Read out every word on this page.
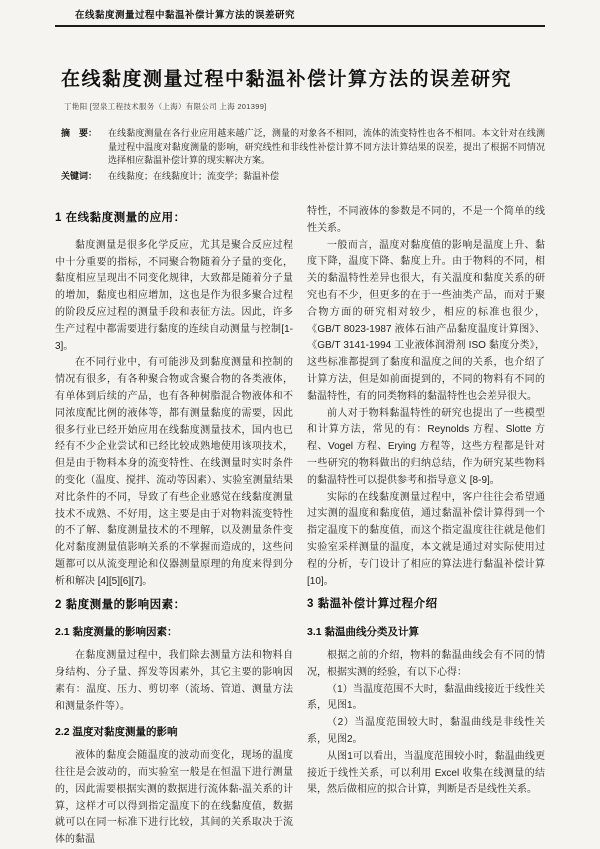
在线黏度测量过程中黏温补偿计算方法的误差研究
在线黏度测量过程中黏温补偿计算方法的误差研究
丁艳阳 [翌泉工程技术服务（上海）有限公司 上海 201399]
摘　要：	在线黏度测量在各行业应用越来越广泛，测量的对象各不相同，流体的流变特性也各不相同。本文针对在线测量过程中温度对黏度测量的影响，研究线性和非线性补偿计算不同方法计算结果的误差，提出了根据不同情况选择相应黏温补偿计算的现实解决方案。
关键词：	在线黏度；在线黏度计；流变学；黏温补偿
1 在线黏度测量的应用：

黏度测量是很多化学反应，尤其是聚合反应过程中十分重要的指标，不同聚合物随着分子量的变化，黏度相应呈现出不同变化规律，大致都是随着分子量的增加，黏度也相应增加，这也是作为很多聚合过程的阶段反应过程的测量手段和表征方法。因此，许多生产过程中都需要进行黏度的连续自动测量与控制[1-3]。

在不同行业中，有可能涉及到黏度测量和控制的情况有很多，有各种聚合物或含聚合物的各类液体，有单体到后续的产品，也有各种树脂混合物液体和不同浓度配比例的液体等，都有测量黏度的需要，因此很多行业已经开始应用在线黏度测量技术，国内也已经有不少企业尝试和已经比较成熟地使用该项技术，但是由于物料本身的流变特性、在线测量时实时条件的变化（温度、搅拌、流动等因素）、实验室测量结果对比条件的不同，导致了有些企业感觉在线黏度测量技术不成熟、不好用，这主要是由于对物料流变特性的不了解、黏度测量技术的不理解，以及测量条件变化对黏度测量值影响关系的不掌握而造成的，这些问题都可以从流变理论和仪器测量原理的角度来得到分析和解决 [4][5][6][7]。

2 黏度测量的影响因素：
2.1 黏度测量的影响因素：

在黏度测量过程中，我们除去测量方法和物料自身结构、分子量、挥发等因素外，其它主要的影响因素有：温度、压力、剪切率（流场、管道、测量方法和测量条件等）。

2.2 温度对黏度测量的影响

液体的黏度会随温度的波动而变化，现场的温度往往是会波动的，而实验室一般是在恒温下进行测量的，因此需要根据实测的数据进行流体黏-温关系的计算，这样才可以得到指定温度下的在线黏度值，数据就可以在同一标准下进行比较，其间的关系取决于流体的黏温

特性，不同液体的参数是不同的，不是一个简单的线性关系。

一般而言，温度对黏度值的影响是温度上升、黏度下降，温度下降、黏度上升。由于物料的不同，相关的黏温特性差异也很大，有关温度和黏度关系的研究也有不少，但更多的在于一些油类产品，而对于聚合物方面的研究相对较少，相应的标准也很少，《GB/T 8023-1987 液体石油产品黏度温度计算图》、《GB/T 3141-1994 工业液体润滑剂 ISO 黏度分类》，这些标准都提到了黏度和温度之间的关系，也介绍了计算方法，但是如前面提到的，不同的物料有不同的黏温特性，有的同类物料的黏温特性也会差异很大。

前人对于物料黏温特性的研究也提出了一些模型和计算方法，常见的有：Reynolds 方程、Slotte 方程、Vogel 方程、Erying 方程等，这些方程都是针对一些研究的物料做出的归纳总结，作为研究某些物料的黏温特性可以提供参考和指导意义 [8-9]。

实际的在线黏度测量过程中，客户往往会希望通过实测的温度和黏度值，通过黏温补偿计算得到一个指定温度下的黏度值，而这个指定温度往往就是他们实验室采样测量的温度，本文就是通过对实际使用过程的分析，专门设计了相应的算法进行黏温补偿计算 [10]。

3 黏温补偿计算过程介绍
3.1 黏温曲线分类及计算

根据之前的介绍，物料的黏温曲线会有不同的情况，根据实测的经验，有以下心得：

（1）当温度范围不大时，黏温曲线接近于线性关系，见图1。

（2）当温度范围较大时，黏温曲线是非线性关系，见图2。

从图1可以看出，当温度范围较小时，黏温曲线更接近于线性关系，可以利用 Excel 收集在线测量的结果，然后做相应的拟合计算，判断是否是线性关系。
